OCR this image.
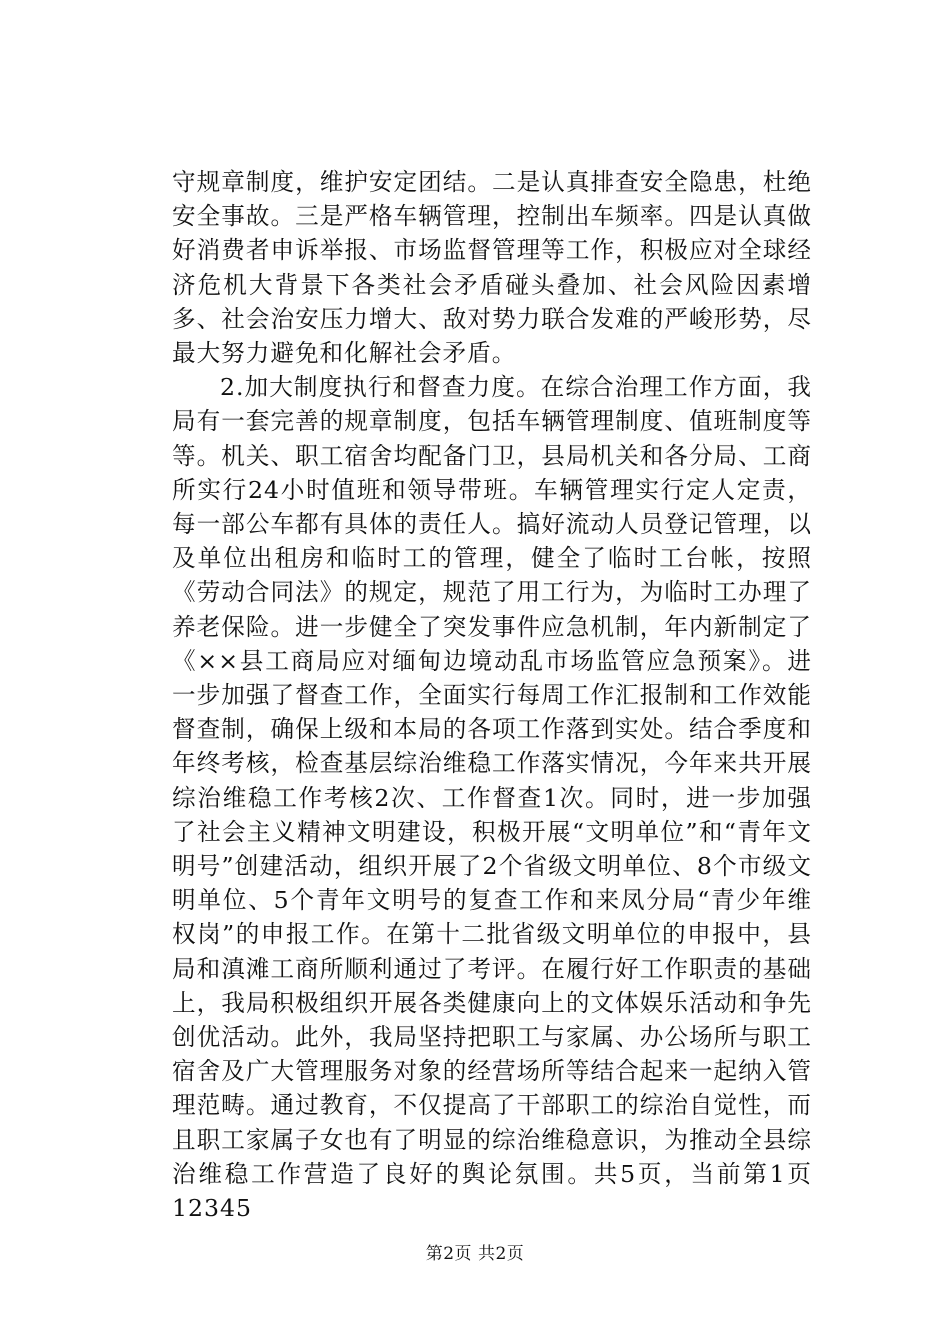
守规章制度，维护安定团结。二是认真排查安全隐患，杜绝安全事故。三是严格车辆管理，控制出车频率。四是认真做好消费者申诉举报、市场监督管理等工作，积极应对全球经济危机大背景下各类社会矛盾碰头叠加、社会风险因素增多、社会治安压力增大、敌对势力联合发难的严峻形势，尽最大努力避免和化解社会矛盾。

2.加大制度执行和督查力度。在综合治理工作方面，我局有一套完善的规章制度，包括车辆管理制度、值班制度等等。机关、职工宿舍均配备门卫，县局机关和各分局、工商所实行24小时值班和领导带班。车辆管理实行定人定责，每一部公车都有具体的责任人。搞好流动人员登记管理，以及单位出租房和临时工的管理，健全了临时工台帐，按照《劳动合同法》的规定，规范了用工行为，为临时工办理了养老保险。进一步健全了突发事件应急机制，年内新制定了《××县工商局应对缅甸边境动乱市场监管应急预案》。进一步加强了督查工作，全面实行每周工作汇报制和工作效能督查制，确保上级和本局的各项工作落到实处。结合季度和年终考核，检查基层综治维稳工作落实情况，今年来共开展综治维稳工作考核2次、工作督查1次。同时，进一步加强了社会主义精神文明建设，积极开展“文明单位”和“青年文明号”创建活动，组织开展了2个省级文明单位、8个市级文明单位、5个青年文明号的复查工作和来凤分局“青少年维权岗”的申报工作。在第十二批省级文明单位的申报中，县局和滇滩工商所顺利通过了考评。在履行好工作职责的基础上，我局积极组织开展各类健康向上的文体娱乐活动和争先创优活动。此外，我局坚持把职工与家属、办公场所与职工宿舍及广大管理服务对象的经营场所等结合起来一起纳入管理范畴。通过教育，不仅提高了干部职工的综治自觉性，而且职工家属子女也有了明显的综治维稳意识，为推动全县综治维稳工作营造了良好的舆论氛围。共5页，当前第1页12345

第2页 共2页
